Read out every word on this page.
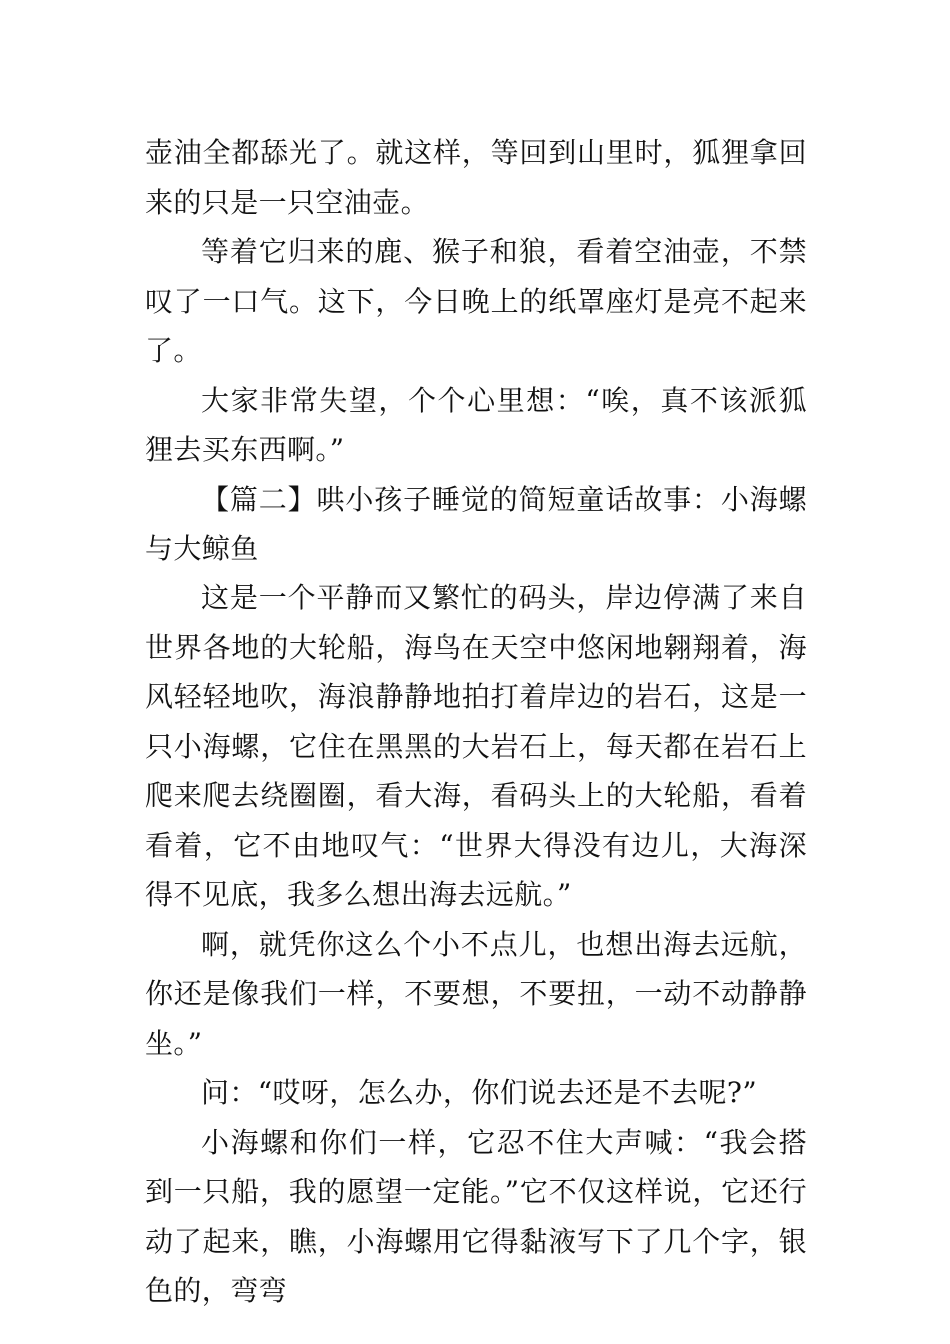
壶油全都舔光了。就这样，等回到山里时，狐狸拿回来的只是一只空油壶。

等着它归来的鹿、猴子和狼，看着空油壶，不禁叹了一口气。这下，今日晚上的纸罩座灯是亮不起来了。

大家非常失望，个个心里想：“唉，真不该派狐狸去买东西啊。”

【篇二】哄小孩子睡觉的简短童话故事：小海螺与大鲸鱼

这是一个平静而又繁忙的码头，岸边停满了来自世界各地的大轮船，海鸟在天空中悠闲地翱翔着，海风轻轻地吹，海浪静静地拍打着岸边的岩石，这是一只小海螺，它住在黑黑的大岩石上，每天都在岩石上爬来爬去绕圈圈，看大海，看码头上的大轮船，看着看着，它不由地叹气：“世界大得没有边儿，大海深得不见底，我多么想出海去远航。”

啊，就凭你这么个小不点儿，也想出海去远航，你还是像我们一样，不要想，不要扭，一动不动静静坐。”

问：“哎呀，怎么办，你们说去还是不去呢?”

小海螺和你们一样，它忍不住大声喊：“我会搭到一只船，我的愿望一定能。”它不仅这样说，它还行动了起来，瞧，小海螺用它得黏液写下了几个字，银色的，弯弯
